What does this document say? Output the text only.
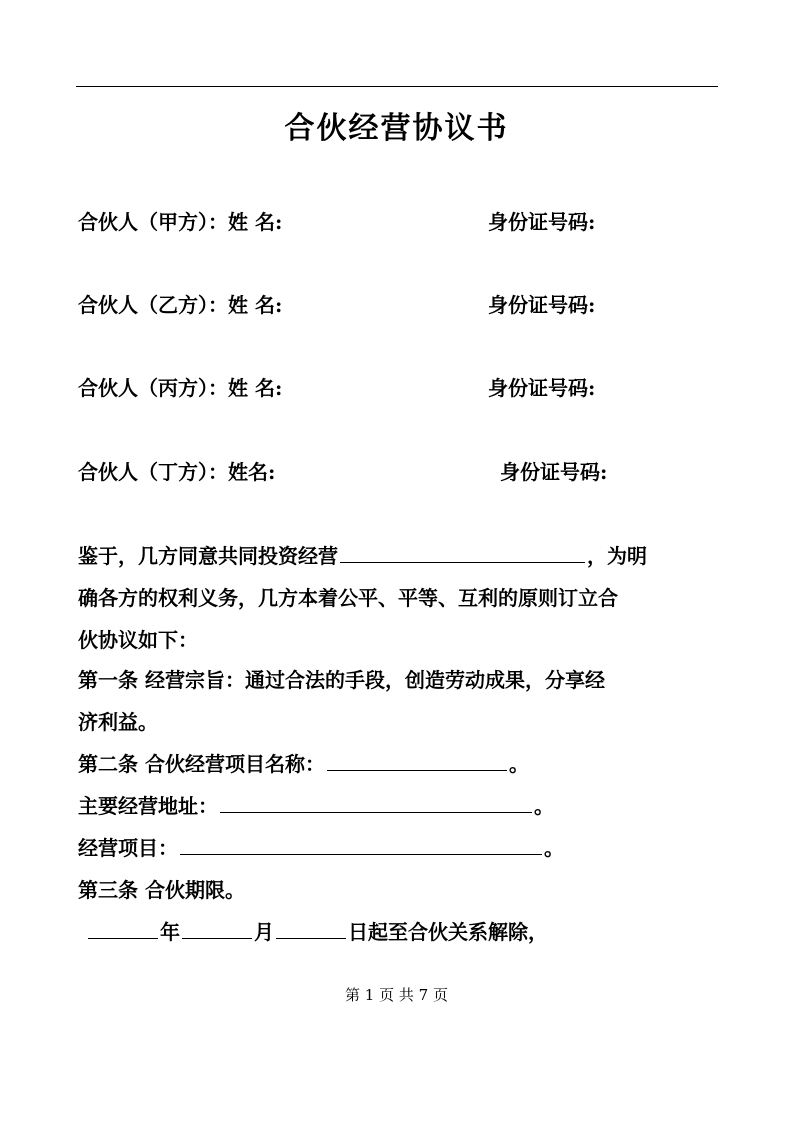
合伙经营协议书
合伙人（甲方）：姓 名:	身份证号码:
合伙人（乙方）：姓 名:	身份证号码:
合伙人（丙方）：姓 名:	身份证号码:
合伙人（丁方）：姓名:	身份证号码:
鉴于，几方同意共同投资经营	，为明
确各方的权利义务，几方本着公平、平等、互利的原则订立合
伙协议如下：
第一条 经营宗旨：通过合法的手段，创造劳动成果，分享经
济利益。
第二条 合伙经营项目名称：	。
主要经营地址：	。
经营项目：	。
第三条 合伙期限。
年	月	日起至合伙关系解除，
第 1 页 共 7 页
